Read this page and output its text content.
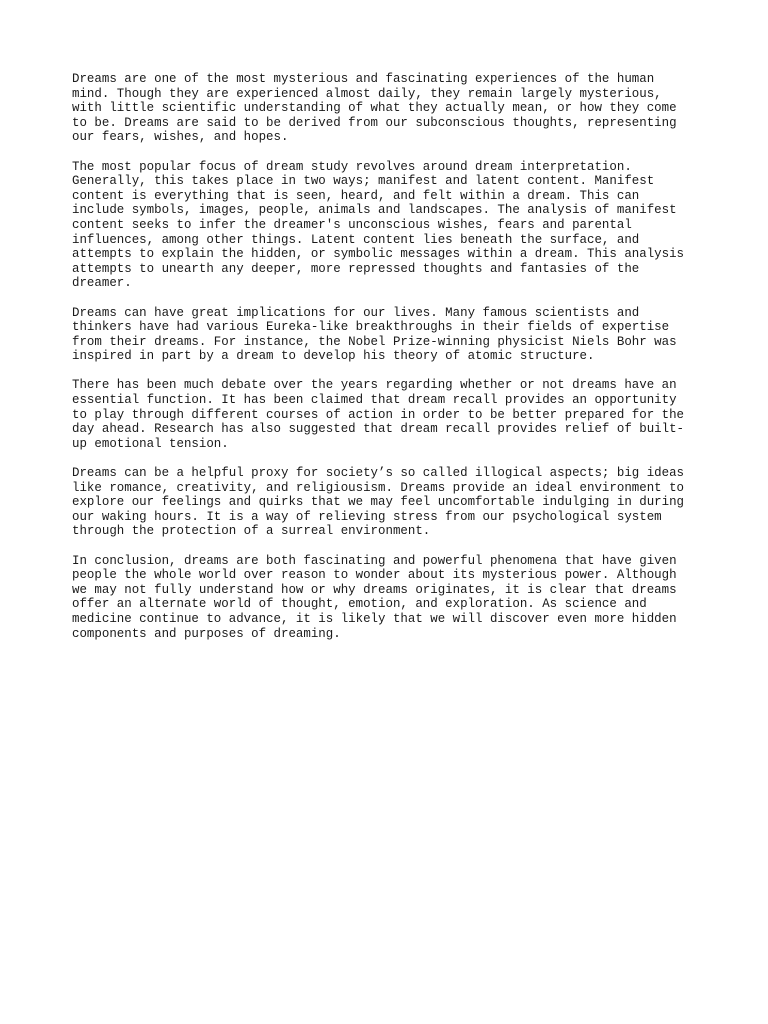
Dreams are one of the most mysterious and fascinating experiences of the human
mind. Though they are experienced almost daily, they remain largely mysterious,
with little scientific understanding of what they actually mean, or how they come
to be. Dreams are said to be derived from our subconscious thoughts, representing
our fears, wishes, and hopes.

The most popular focus of dream study revolves around dream interpretation.
Generally, this takes place in two ways; manifest and latent content. Manifest
content is everything that is seen, heard, and felt within a dream. This can
include symbols, images, people, animals and landscapes. The analysis of manifest
content seeks to infer the dreamer's unconscious wishes, fears and parental
influences, among other things. Latent content lies beneath the surface, and
attempts to explain the hidden, or symbolic messages within a dream. This analysis
attempts to unearth any deeper, more repressed thoughts and fantasies of the
dreamer.

Dreams can have great implications for our lives. Many famous scientists and
thinkers have had various Eureka-like breakthroughs in their fields of expertise
from their dreams. For instance, the Nobel Prize-winning physicist Niels Bohr was
inspired in part by a dream to develop his theory of atomic structure.

There has been much debate over the years regarding whether or not dreams have an
essential function. It has been claimed that dream recall provides an opportunity
to play through different courses of action in order to be better prepared for the
day ahead. Research has also suggested that dream recall provides relief of built-
up emotional tension.

Dreams can be a helpful proxy for society’s so called illogical aspects; big ideas
like romance, creativity, and religiousism. Dreams provide an ideal environment to
explore our feelings and quirks that we may feel uncomfortable indulging in during
our waking hours. It is a way of relieving stress from our psychological system
through the protection of a surreal environment.

In conclusion, dreams are both fascinating and powerful phenomena that have given
people the whole world over reason to wonder about its mysterious power. Although
we may not fully understand how or why dreams originates, it is clear that dreams
offer an alternate world of thought, emotion, and exploration. As science and
medicine continue to advance, it is likely that we will discover even more hidden
components and purposes of dreaming.
